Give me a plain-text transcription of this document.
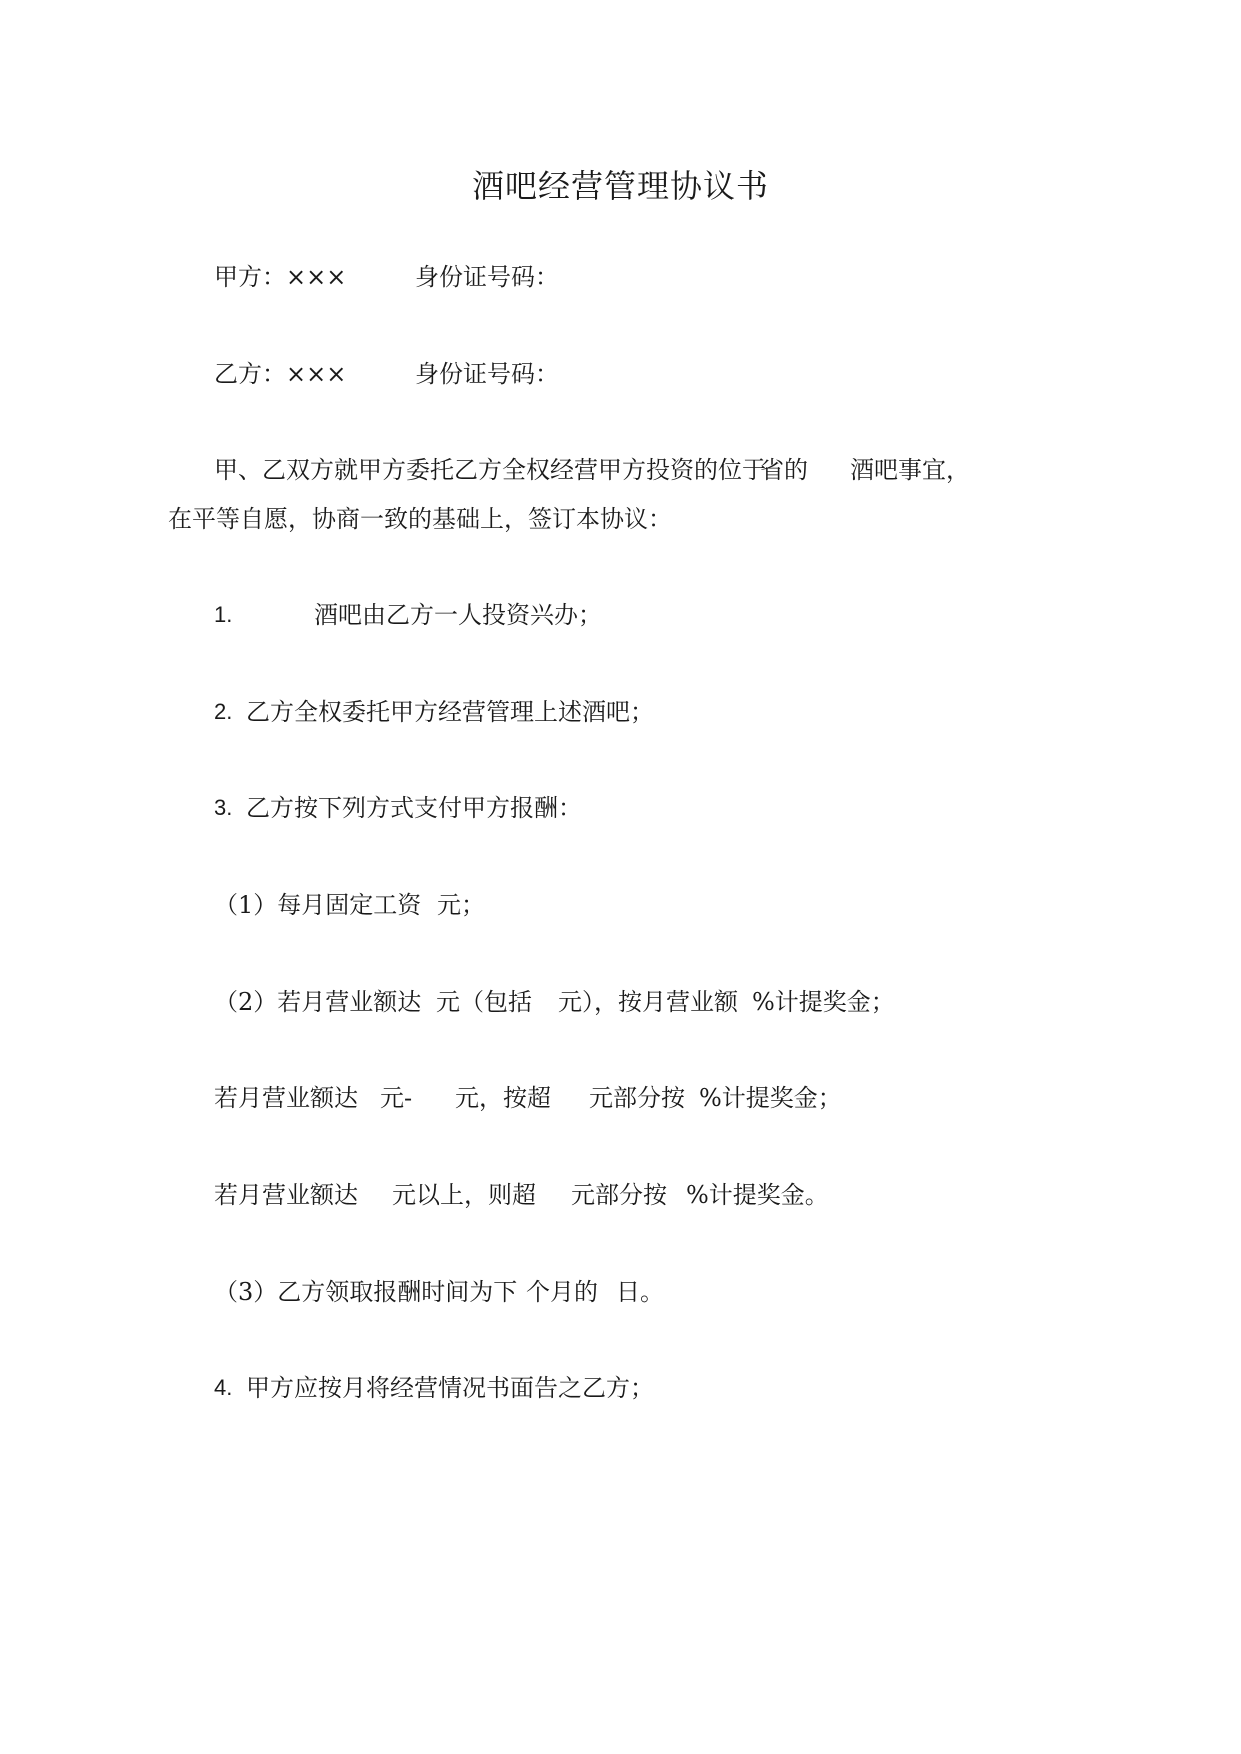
酒吧经营管理协议书
甲方：×××	身份证号码：
乙方：×××	身份证号码：
甲、乙双方就甲方委托乙方全权经营甲方投资的位于
省的 酒吧事宜，
在平等自愿，协商一致的基础上，签订本协议：
1.	酒吧由乙方一人投资兴办；
2. 乙方全权委托甲方经营管理上述酒吧；
3. 乙方按下列方式支付甲方报酬：
（1）每月固定工资 元；
（2）若月营业额达 元（包括 元），按月营业额 %计提奖金；
若月营业额达 元- 元，按超 元部分按 %计提奖金；
若月营业额达 元以上，则超 元部分按 %计提奖金。
（3）乙方领取报酬时间为下 个月的 日。
4. 甲方应按月将经营情况书面告之乙方；
